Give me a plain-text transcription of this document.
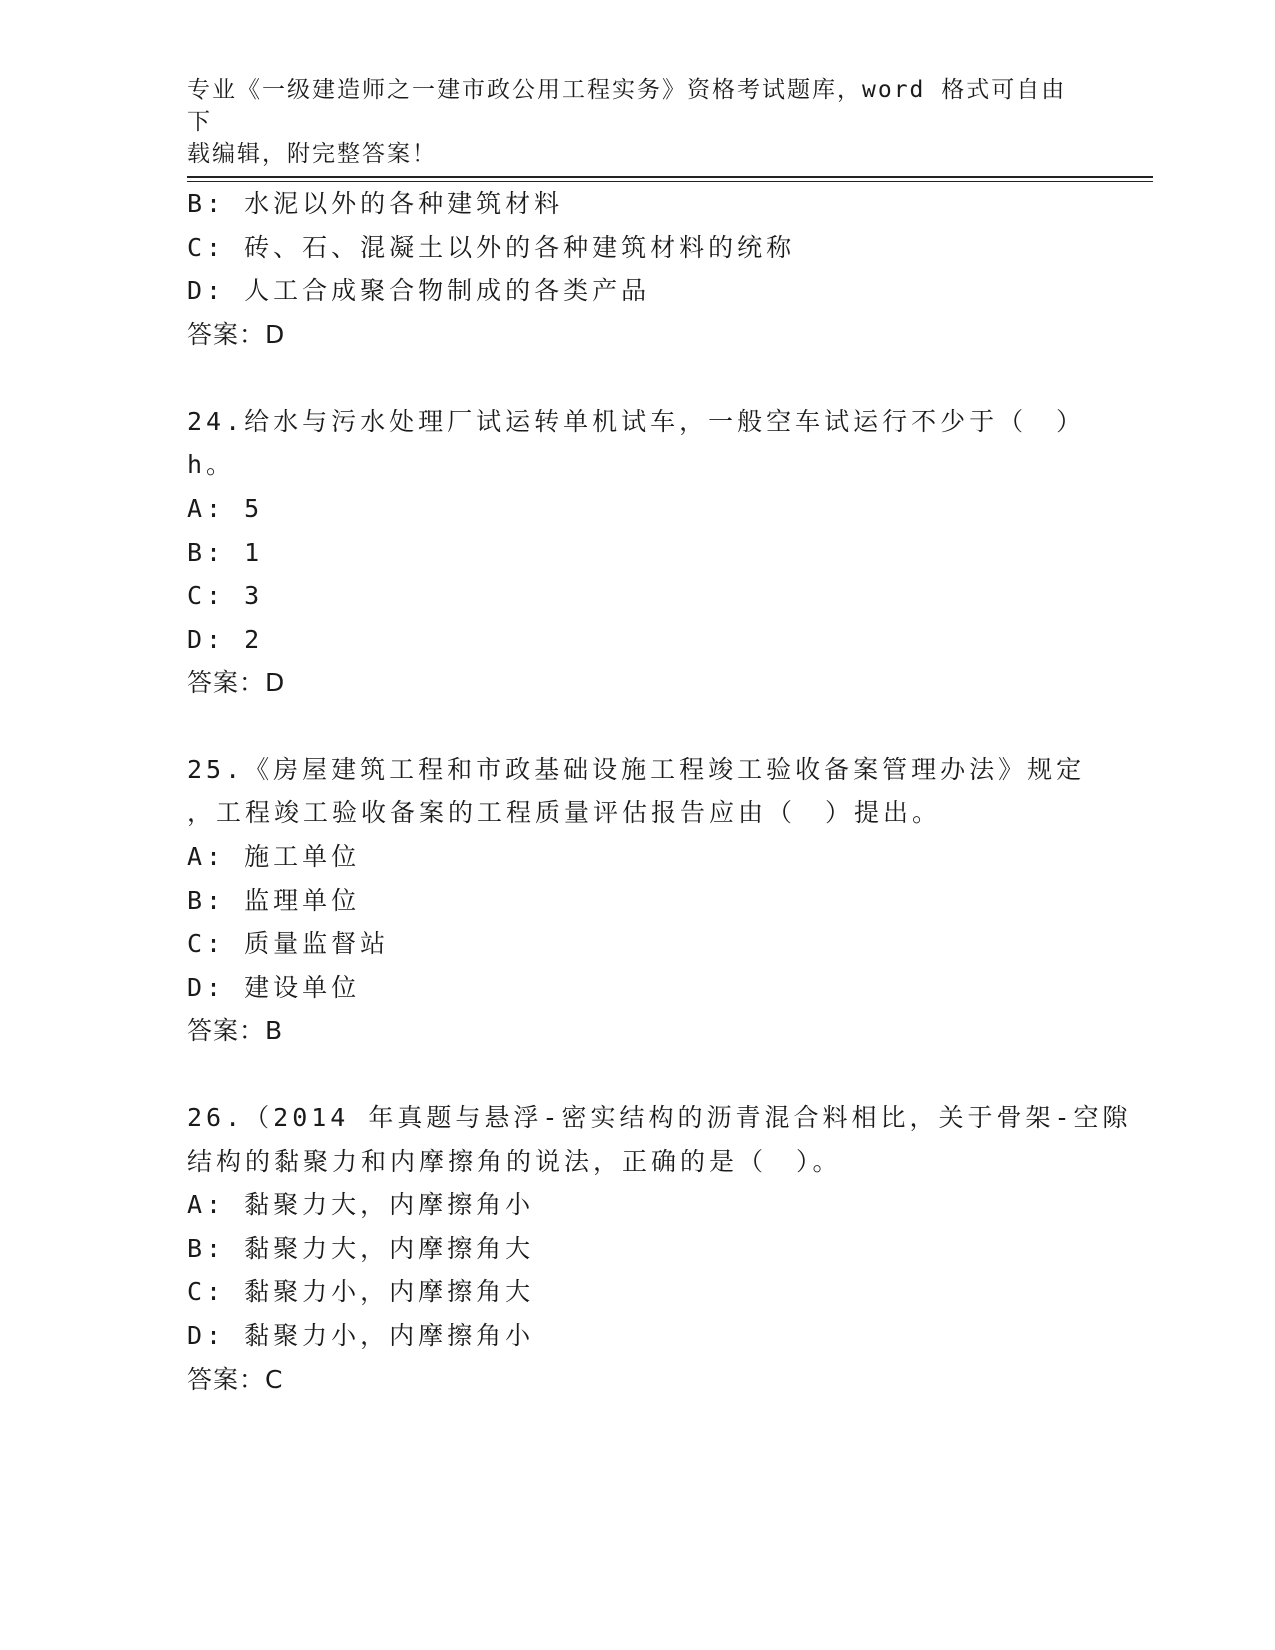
专业《一级建造师之一建市政公用工程实务》资格考试题库，word 格式可自由下
载编辑，附完整答案！
B: 水泥以外的各种建筑材料
C: 砖、石、混凝土以外的各种建筑材料的统称
D: 人工合成聚合物制成的各类产品
答案：D
24.给水与污水处理厂试运转单机试车，一般空车试运行不少于（　）
h。
A: 5
B: 1
C: 3
D: 2
答案：D
25.《房屋建筑工程和市政基础设施工程竣工验收备案管理办法》规定
，工程竣工验收备案的工程质量评估报告应由（　）提出。
A: 施工单位
B: 监理单位
C: 质量监督站
D: 建设单位
答案：B
26.（2014 年真题与悬浮-密实结构的沥青混合料相比，关于骨架-空隙
结构的黏聚力和内摩擦角的说法，正确的是（　）。
A: 黏聚力大，内摩擦角小
B: 黏聚力大，内摩擦角大
C: 黏聚力小，内摩擦角大
D: 黏聚力小，内摩擦角小
答案：C
